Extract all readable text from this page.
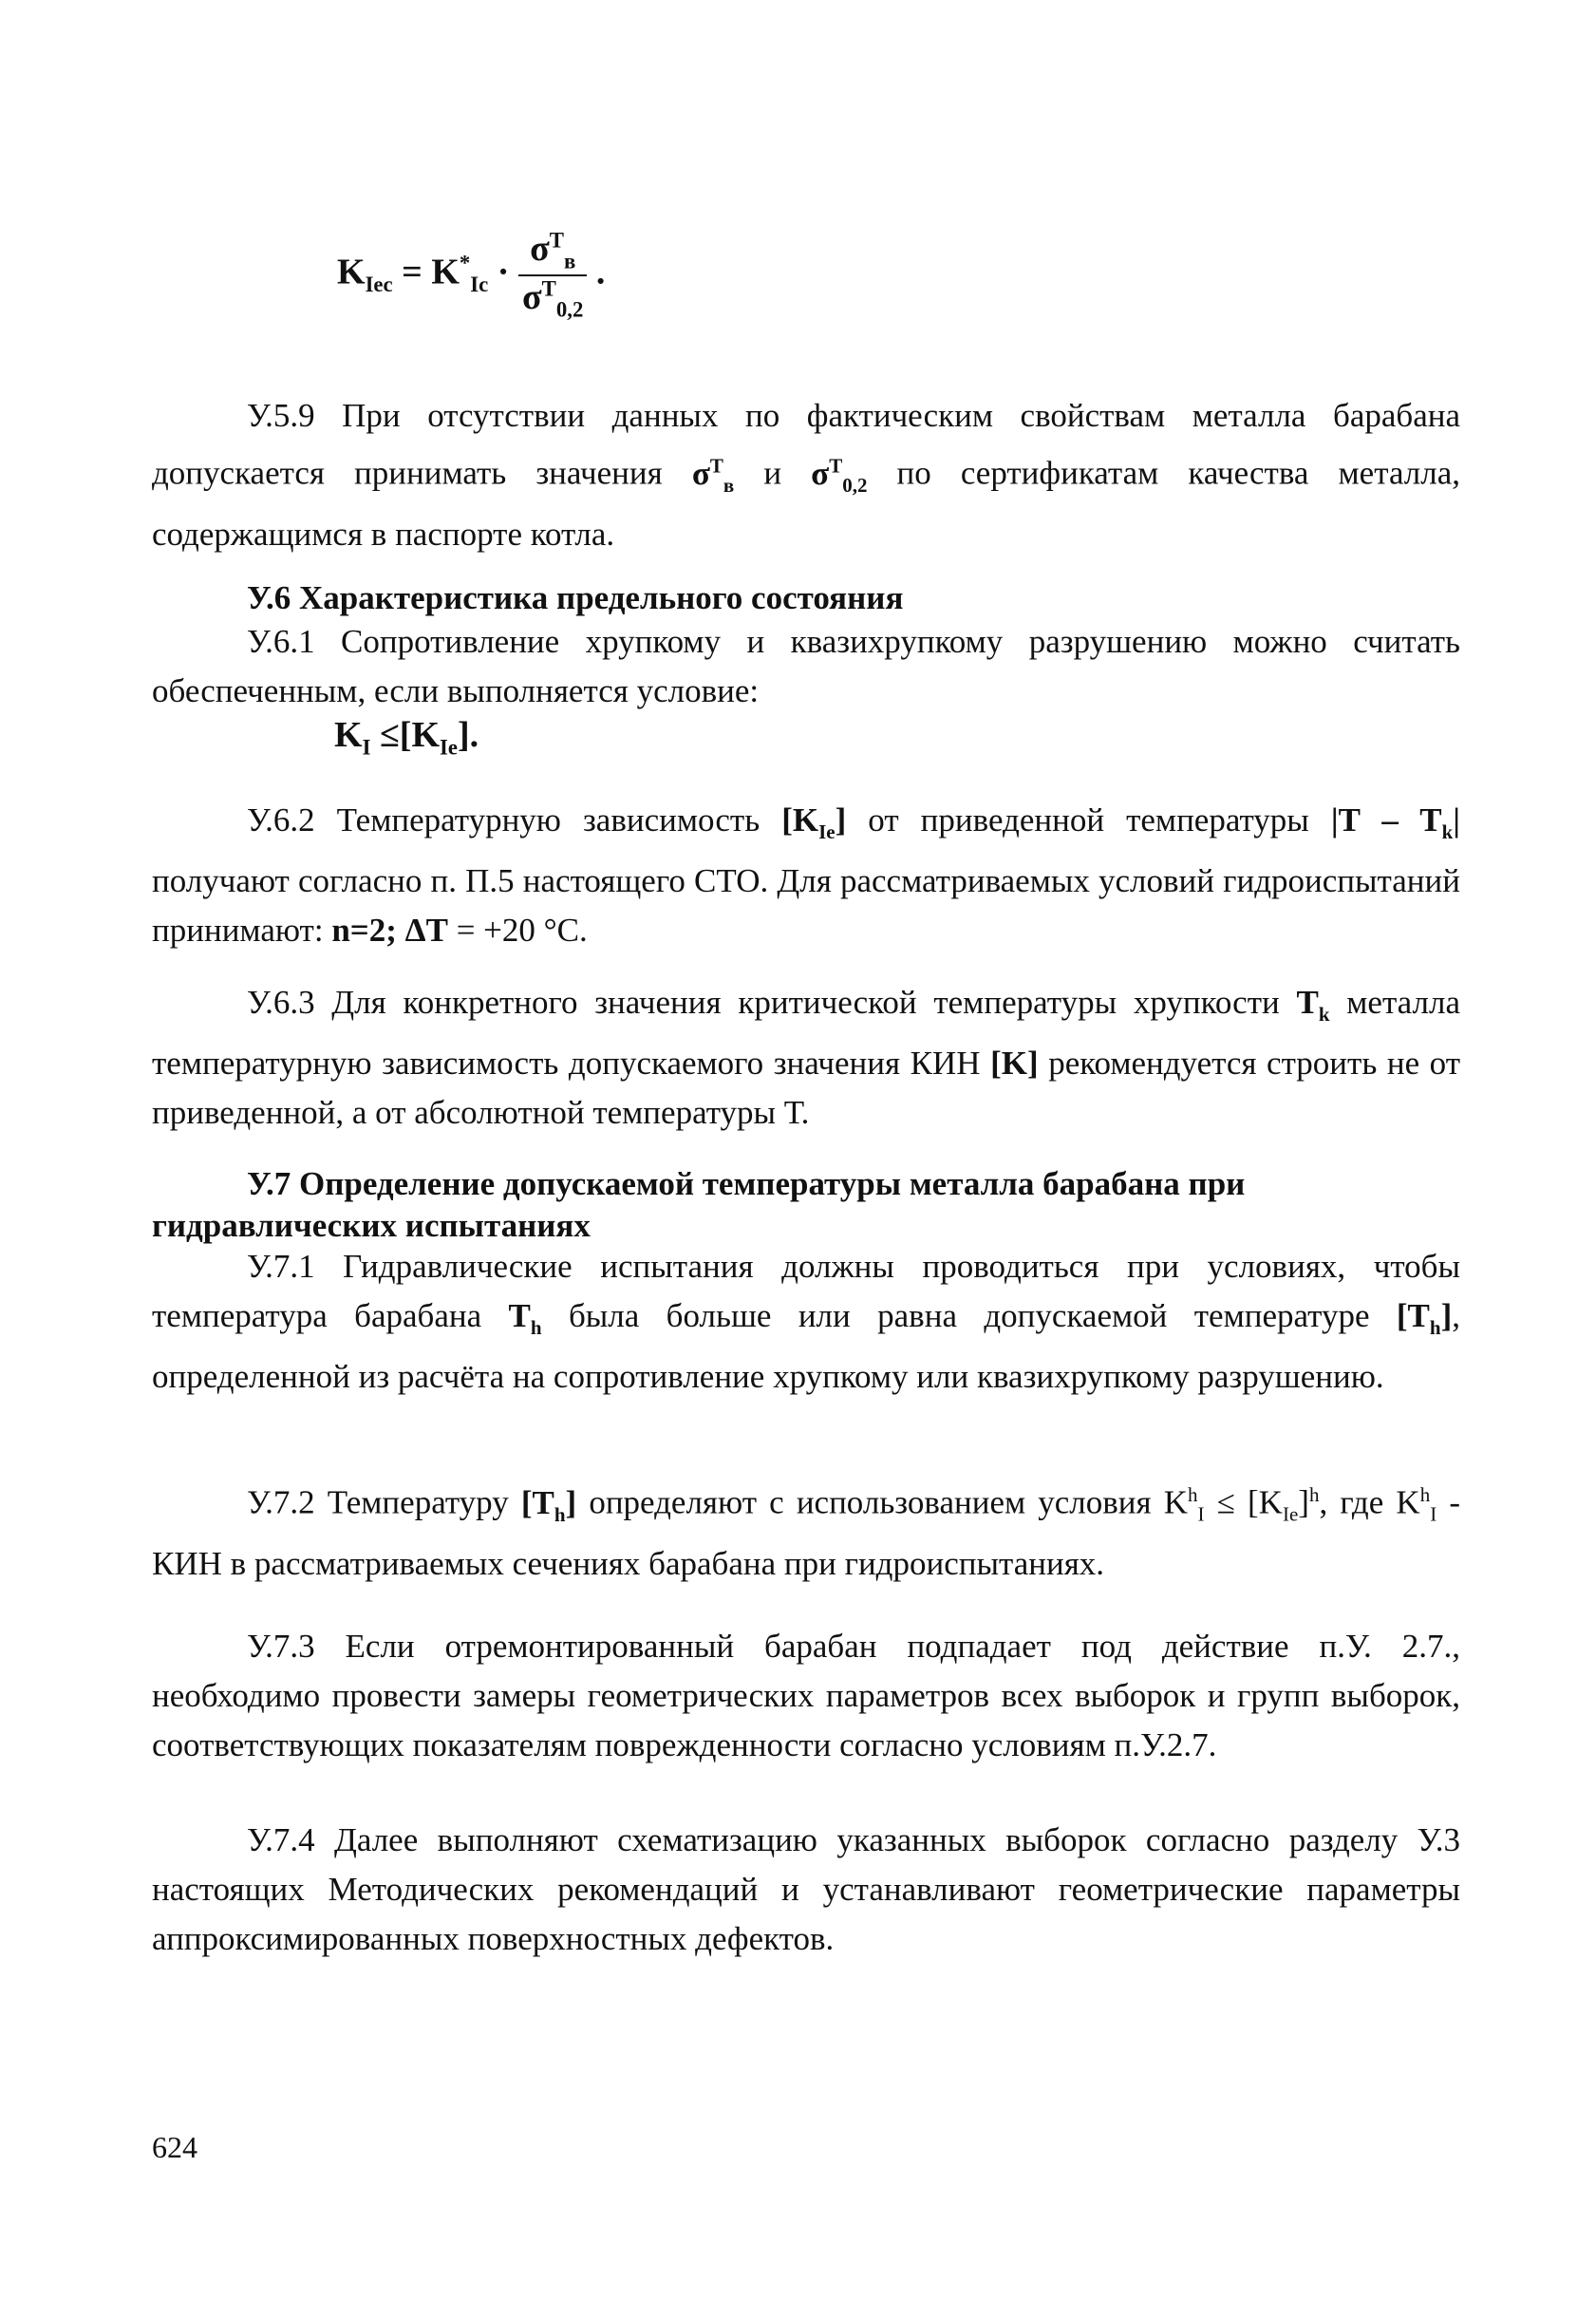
$K_{Iec} = K^*_{Ic} \cdot \frac{\sigma^T_в}{\sigma^T_{0,2}}$ .
У.5.9 При отсутствии данных по фактическим свойствам металла барабана допускается принимать значения $\sigma^T_в$ и $\sigma^T_{0,2}$ по сертификатам качества металла, содержащимся в паспорте котла.
У.6 Характеристика предельного состояния
У.6.1 Сопротивление хрупкому и квазихрупкому разрушению можно считать обеспеченным, если выполняется условие:
$K_I \le[K_{Ie}]$.
У.6.2 Температурную зависимость $[K_{Ie}]$ от приведенной температуры $|T - T_k|$ получают согласно п. П.5 настоящего СТО. Для рассматриваемых условий гидроиспытаний принимают: n=2; ΔT = +20 °С.
У.6.3 Для конкретного значения критической температуры хрупкости $T_k$ металла температурную зависимость допускаемого значения КИН [K] рекомендуется строить не от приведенной, а от абсолютной температуры Т.
У.7 Определение допускаемой температуры металла барабана при гидравлических испытаниях
У.7.1 Гидравлические испытания должны проводиться при условиях, чтобы температура барабана $T_h$ была больше или равна допускаемой температуре $[T_h]$, определенной из расчёта на сопротивление хрупкому или квазихрупкому разрушению.
У.7.2 Температуру $[T_h]$ определяют с использованием условия $K^h_I \le [K_{Ie}]^h$, где $K^h_I$ - КИН в рассматриваемых сечениях барабана при гидроиспытаниях.
У.7.3 Если отремонтированный барабан подпадает под действие п.У. 2.7., необходимо провести замеры геометрических параметров всех выборок и групп выборок, соответствующих показателям поврежденности согласно условиям п.У.2.7.
У.7.4 Далее выполняют схематизацию указанных выборок согласно разделу У.3 настоящих Методических рекомендаций и устанавливают геометрические параметры аппроксимированных поверхностных дефектов.
624
